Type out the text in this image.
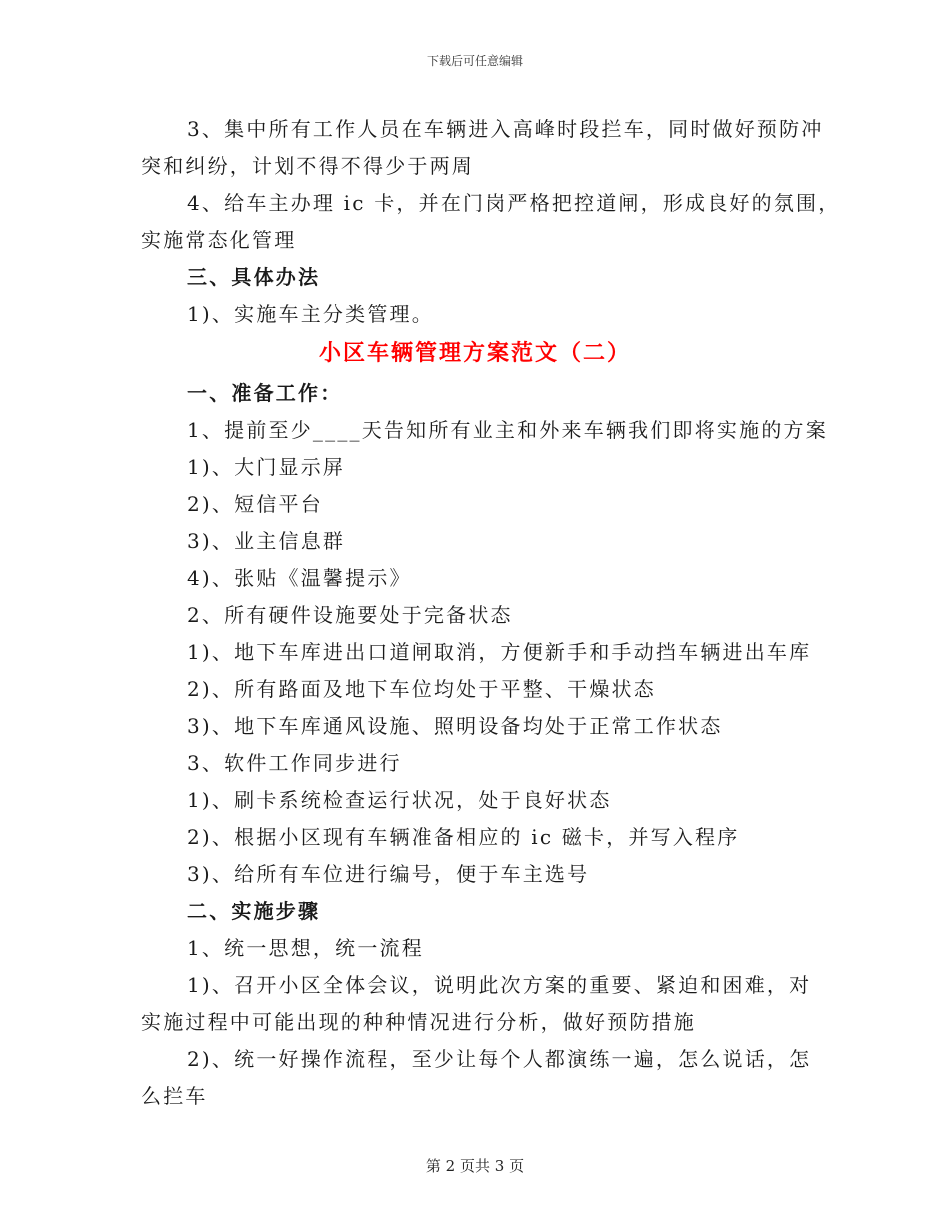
下载后可任意编辑
小区车辆管理方案范文（二）
3、集中所有工作人员在车辆进入高峰时段拦车，同时做好预防冲
突和纠纷，计划不得不得少于两周
4、给车主办理 ic 卡，并在门岗严格把控道闸，形成良好的氛围，
实施常态化管理
三、具体办法
1)、实施车主分类管理。
一、准备工作：
1、提前至少____天告知所有业主和外来车辆我们即将实施的方案
1)、大门显示屏
2)、短信平台
3)、业主信息群
4)、张贴《温馨提示》
2、所有硬件设施要处于完备状态
1)、地下车库进出口道闸取消，方便新手和手动挡车辆进出车库
2)、所有路面及地下车位均处于平整、干燥状态
3)、地下车库通风设施、照明设备均处于正常工作状态
3、软件工作同步进行
1)、刷卡系统检查运行状况，处于良好状态
2)、根据小区现有车辆准备相应的 ic 磁卡，并写入程序
3)、给所有车位进行编号，便于车主选号
二、实施步骤
1、统一思想，统一流程
1)、召开小区全体会议，说明此次方案的重要、紧迫和困难，对
实施过程中可能出现的种种情况进行分析，做好预防措施
2)、统一好操作流程，至少让每个人都演练一遍，怎么说话，怎
么拦车
第 2 页共 3 页
